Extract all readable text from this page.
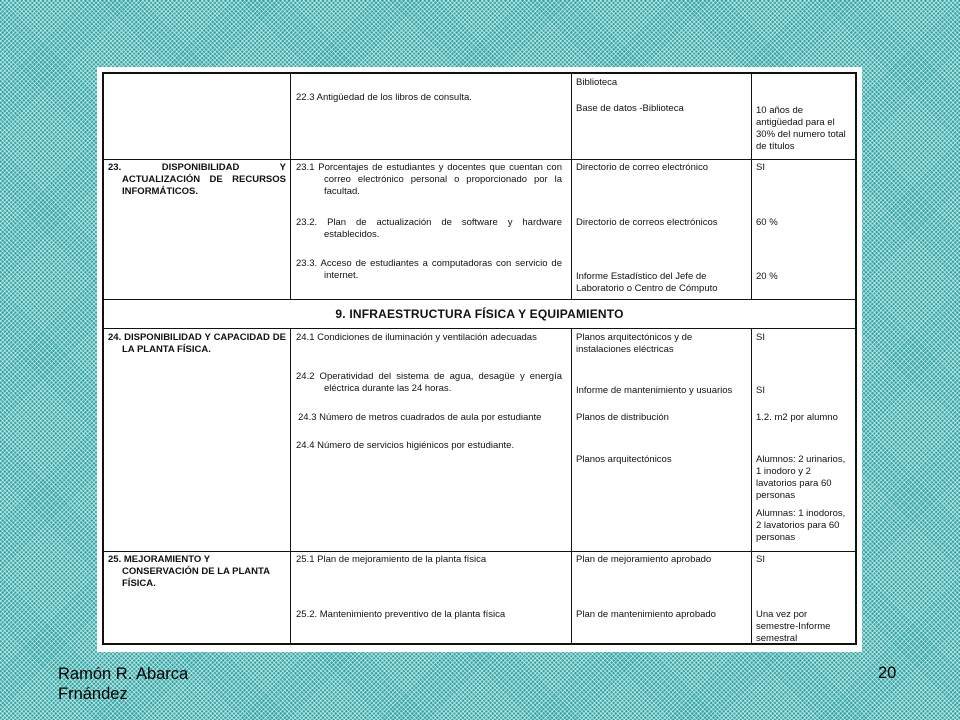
22.3 Antigüedad de los libros de consulta.
Biblioteca
Base de datos -Biblioteca	10 años de antigüedad para el 30% del numero total de títulos
23. DISPONIBILIDAD Y ACTUALIZACIÓN DE RECURSOS INFORMÁTICOS.
23.1 Porcentajes de estudiantes y docentes que cuentan con correo electrónico personal o proporcionado por la facultad.
23.2. Plan de actualización de software y hardware establecidos.
23.3. Acceso de estudiantes a computadoras con servicio de internet.
Directorio de correo electrónico
Directorio de correos electrónicos
Informe Estadístico del Jefe de Laboratorio o Centro de Cómputo
SI
60 %
20 %
9. INFRAESTRUCTURA FÍSICA Y EQUIPAMIENTO
24. DISPONIBILIDAD Y CAPACIDAD DE LA PLANTA FÍSICA.
24.1 Condiciones de iluminación y ventilación adecuadas
24.2 Operatividad del sistema de agua, desagüe y energía eléctrica durante las 24 horas.
24.3 Número de metros cuadrados de aula por estudiante
24.4 Número de servicios higiénicos por estudiante.
Planos arquitectónicos y de instalaciones eléctricas
Informe de mantenimiento y usuarios
Planos de distribución
Planos arquitectónicos
SI
SI
1.2. m2 por alumno
Alumnos: 2 urinarios, 1 inodoro y 2 lavatorios para 60 personas
Alumnas: 1 inodoros, 2 lavatorios para 60 personas
25. MEJORAMIENTO Y CONSERVACIÓN DE LA PLANTA FÍSICA.
25.1 Plan de mejoramiento de la planta física
25.2. Mantenimiento preventivo de la planta física
Plan de mejoramiento aprobado
Plan de mantenimiento aprobado
SI
Una vez por semestre-Informe semestral
Ramón R. Abarca Frnández
20
